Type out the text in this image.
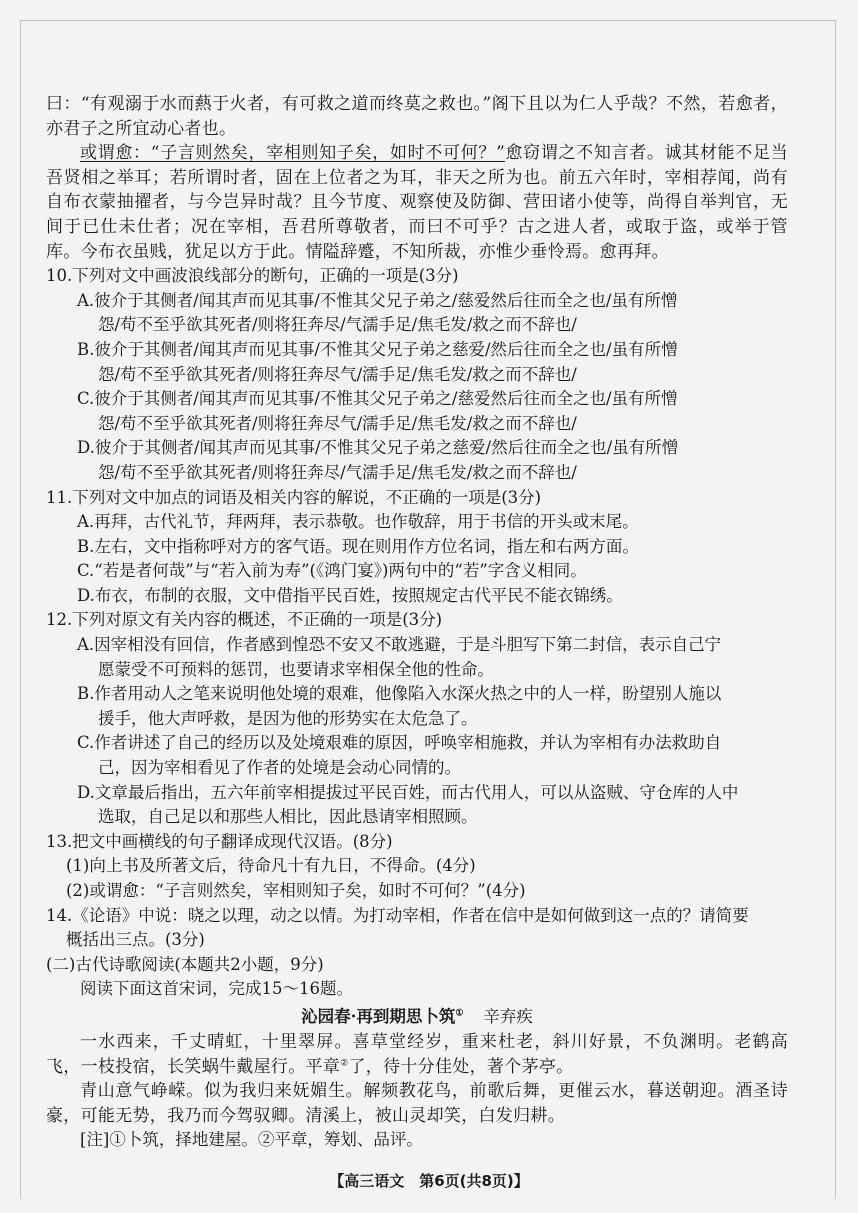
曰：“有观溺于水而爇于火者，有可救之道而终莫之救也。”阁下且以为仁人乎哉？不然，若愈者，亦君子之所宜动心者也。

或谓愈：“子言则然矣，宰相则知子矣，如时不可何？”愈窃谓之不知言者。诚其材能不足当吾贤相之举耳；若所谓时者，固在上位者之为耳，非天之所为也。前五六年时，宰相荐闻，尚有自布衣蒙抽擢者，与今岂异时哉？且今节度、观察使及防御、营田诸小使等，尚得自举判官，无间于已仕未仕者；况在宰相，吾君所尊敬者，而曰不可乎？古之进人者，或取于盗，或举于管库。今布衣虽贱，犹足以方于此。情隘辞蹙，不知所裁，亦惟少垂怜焉。愈再拜。

10.下列对文中画波浪线部分的断句，正确的一项是(3分)

A.彼介于其侧者/闻其声而见其事/不惟其父兄子弟之/慈爱然后往而全之也/虽有所憎

怨/苟不至乎欲其死者/则将狂奔尽/气濡手足/焦毛发/救之而不辞也/

B.彼介于其侧者/闻其声而见其事/不惟其父兄子弟之慈爱/然后往而全之也/虽有所憎

怨/苟不至乎欲其死者/则将狂奔尽气/濡手足/焦毛发/救之而不辞也/

C.彼介于其侧者/闻其声而见其事/不惟其父兄子弟之/慈爱然后往而全之也/虽有所憎

怨/苟不至乎欲其死者/则将狂奔尽气/濡手足/焦毛发/救之而不辞也/

D.彼介于其侧者/闻其声而见其事/不惟其父兄子弟之慈爱/然后往而全之也/虽有所憎

怨/苟不至乎欲其死者/则将狂奔尽/气濡手足/焦毛发/救之而不辞也/

11.下列对文中加点的词语及相关内容的解说，不正确的一项是(3分)

A.再拜，古代礼节，拜两拜，表示恭敬。也作敬辞，用于书信的开头或末尾。

B.左右，文中指称呼对方的客气语。现在则用作方位名词，指左和右两方面。

C.“若是者何哉”与“若入前为寿”(《鸿门宴》)两句中的“若”字含义相同。

D.布衣，布制的衣服，文中借指平民百姓，按照规定古代平民不能衣锦绣。

12.下列对原文有关内容的概述，不正确的一项是(3分)

A.因宰相没有回信，作者感到惶恐不安又不敢逃避，于是斗胆写下第二封信，表示自己宁

愿蒙受不可预料的惩罚，也要请求宰相保全他的性命。

B.作者用动人之笔来说明他处境的艰难，他像陷入水深火热之中的人一样，盼望别人施以

援手，他大声呼救，是因为他的形势实在太危急了。

C.作者讲述了自己的经历以及处境艰难的原因，呼唤宰相施救，并认为宰相有办法救助自

己，因为宰相看见了作者的处境是会动心同情的。

D.文章最后指出，五六年前宰相提拔过平民百姓，而古代用人，可以从盗贼、守仓库的人中

选取，自己足以和那些人相比，因此恳请宰相照顾。

13.把文中画横线的句子翻译成现代汉语。(8分)

(1)向上书及所著文后，待命凡十有九日，不得命。(4分)

(2)或谓愈：“子言则然矣，宰相则知子矣，如时不可何？”(4分)

14.《论语》中说：晓之以理，动之以情。为打动宰相，作者在信中是如何做到这一点的？请简要

概括出三点。(3分)

(二)古代诗歌阅读(本题共2小题，9分)

阅读下面这首宋词，完成15～16题。

沁园春·再到期思卜筑① 辛弃疾

一水西来，千丈晴虹，十里翠屏。喜草堂经岁，重来杜老，斜川好景，不负渊明。老鹤高飞，一枝投宿，长笑蜗牛戴屋行。平章②了，待十分佳处，著个茅亭。

青山意气峥嵘。似为我归来妩媚生。解频教花鸟，前歌后舞，更催云水，暮送朝迎。酒圣诗豪，可能无势，我乃而今驾驭卿。清溪上，被山灵却笑，白发归耕。

[注]①卜筑，择地建屋。②平章，筹划、品评。

【高三语文　第6页(共8页)】
